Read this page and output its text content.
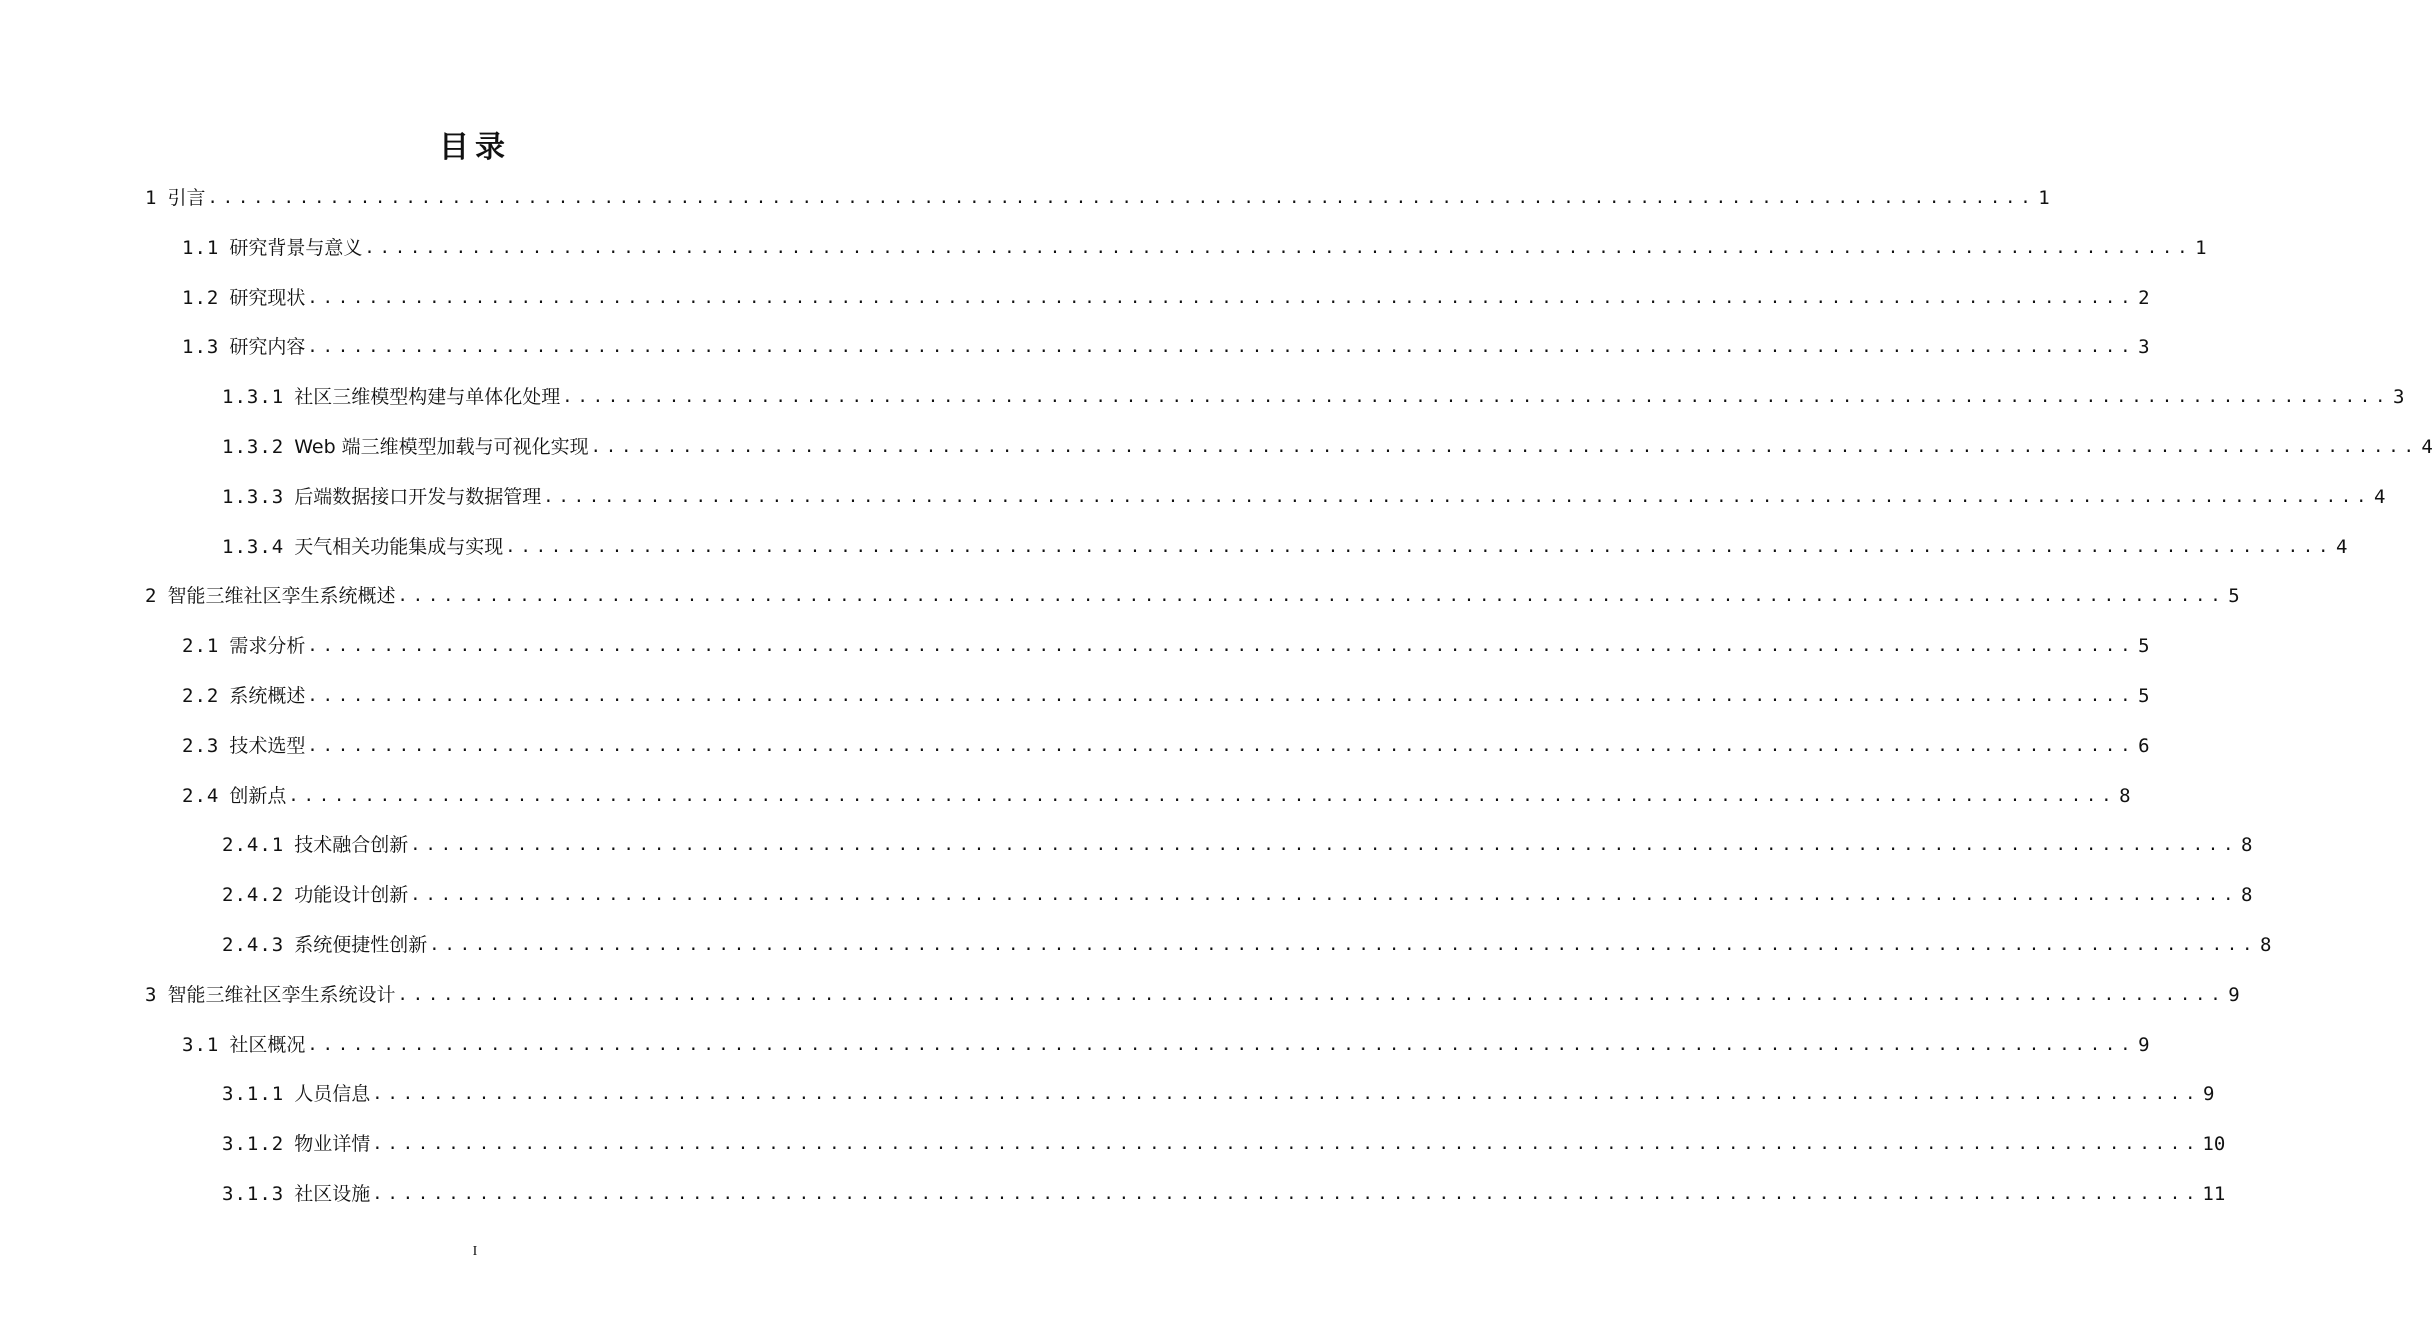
目录
1 引言 ........................................................................................................................ 1
1.1 研究背景与意义 ........................................................................................................................ 1
1.2 研究现状 ........................................................................................................................ 2
1.3 研究内容 ........................................................................................................................ 3
1.3.1 社区三维模型构建与单体化处理 ........................................................................................................................ 3
1.3.2 Web 端三维模型加载与可视化实现 ........................................................................................................................ 4
1.3.3 后端数据接口开发与数据管理 ........................................................................................................................ 4
1.3.4 天气相关功能集成与实现 ........................................................................................................................ 4
2 智能三维社区孪生系统概述 ........................................................................................................................ 5
2.1 需求分析 ........................................................................................................................ 5
2.2 系统概述 ........................................................................................................................ 5
2.3 技术选型 ........................................................................................................................ 6
2.4 创新点 ........................................................................................................................ 8
2.4.1 技术融合创新 ........................................................................................................................ 8
2.4.2 功能设计创新 ........................................................................................................................ 8
2.4.3 系统便捷性创新 ........................................................................................................................ 8
3 智能三维社区孪生系统设计 ........................................................................................................................ 9
3.1 社区概况 ........................................................................................................................ 9
3.1.1 人员信息 ........................................................................................................................ 9
3.1.2 物业详情 ........................................................................................................................ 10
3.1.3 社区设施 ........................................................................................................................ 11
I
